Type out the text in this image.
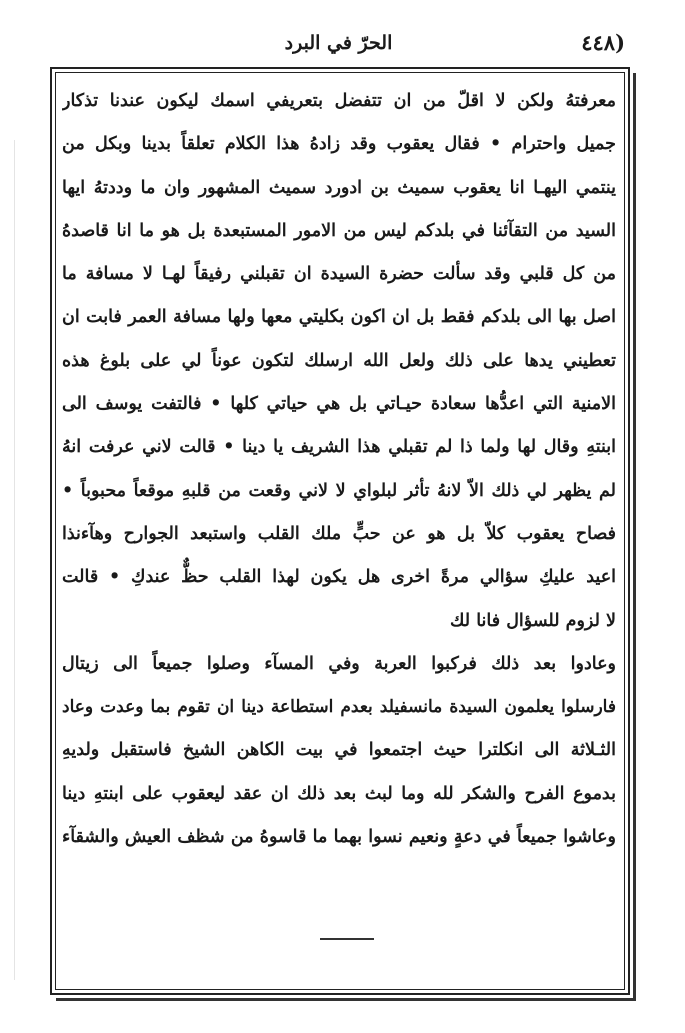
الحرّ في البرد	(٤٤٨
معرفتهُ ولكن لا اقلّ من ان تتفضل بتعريفي اسمك ليكون عندنا تذكار
جميل واحترام • فقال يعقوب وقد زادهُ هذا الكلام تعلقاً بدينا وبكل من
ينتمي اليهـا انا يعقوب سميث بن ادورد سميث المشهور وان ما وددتهُ ايها
السيد من التقآئنا في بلدكم ليس من الامور المستبعدة بل هو ما انا قاصدهُ
من كل قلبي وقد سألت حضرة السيدة ان تقبلني رفيقاً لهـا لا مسافة ما
اصل بها الى بلدكم فقط بل ان اكون بكليتي معها ولها مسافة العمر فابت ان
تعطيني يدها على ذلك ولعل الله ارسلك لتكون عوناً لي على بلوغ هذه
الامنية التي اعدُّها سعادة حيـاتي بل هي حياتي كلها • فالتفت يوسف الى
ابنتهِ وقال لها ولما ذا لم تقبلي هذا الشريف يا دينا • قالت لاني عرفت انهُ
لم يظهر لي ذلك الاّ لانهُ تأثر لبلواي لا لاني وقعت من قلبهِ موقعاً محبوباً •
فصاح يعقوب كلاّ بل هو عن حبٍّ ملك القلب واستبعد الجوارح وهآءنذا
اعيد عليكِ سؤالي مرةً اخرى هل يكون لهذا القلب حظٌّ عندكِ • قالت
لا لزوم للسؤال فانا لك
وعادوا بعد ذلك فركبوا العربة وفي المسآء وصلوا جميعاً الى زيتال
فارسلوا يعلمون السيدة مانسفيلد بعدم استطاعة دينا ان تقوم بما وعدت وعاد
الثـلاثة الى انكلترا حيث اجتمعوا في بيت الكاهن الشيخ فاستقبل ولديهِ
بدموع الفرح والشكر لله وما لبث بعد ذلك ان عقد ليعقوب على ابنتهِ دينا
وعاشوا جميعاً في دعةٍ ونعيم نسوا بهما ما قاسوهُ من شظف العيش والشقآء
